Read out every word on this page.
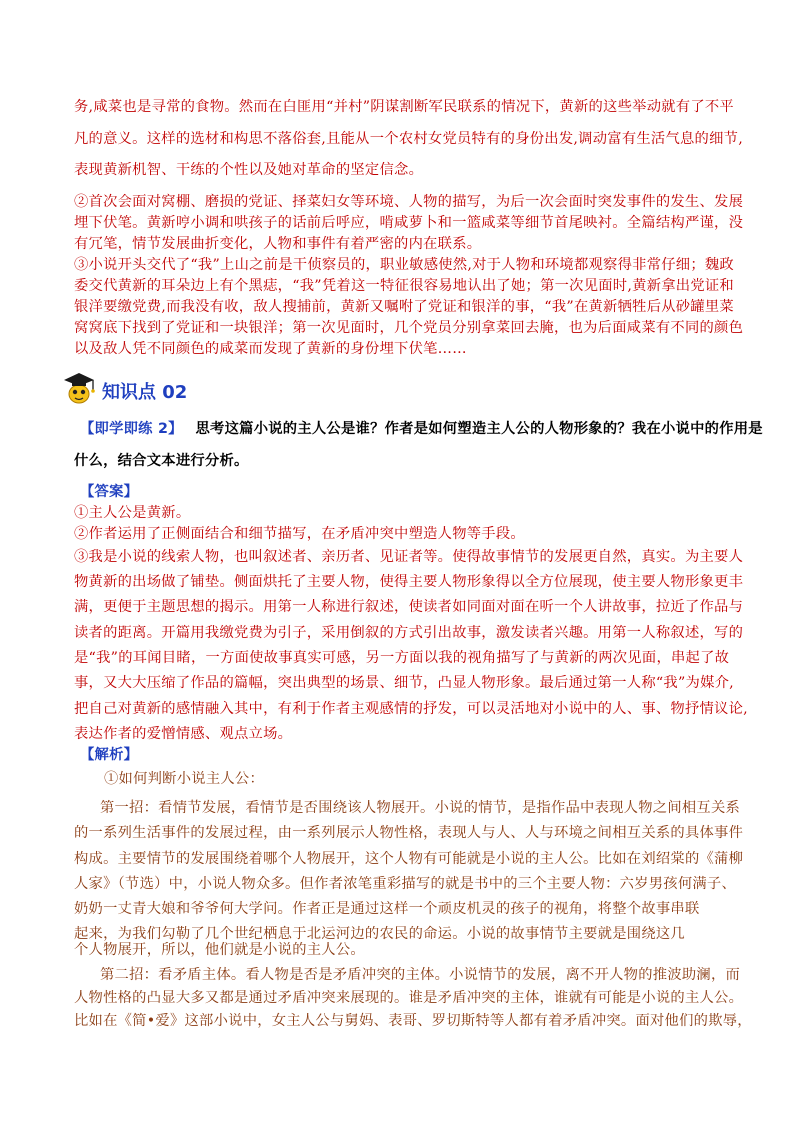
务,咸菜也是寻常的食物。然而在白匪用“并村”阴谋割断军民联系的情况下，黄新的这些举动就有了不平
凡的意义。这样的选材和构思不落俗套,且能从一个农村女党员特有的身份出发,调动富有生活气息的细节,
表现黄新机智、干练的个性以及她对革命的坚定信念。
②首次会面对窝棚、磨损的党证、择菜妇女等环境、人物的描写，为后一次会面时突发事件的发生、发展
埋下伏笔。黄新哼小调和哄孩子的话前后呼应，啃咸萝卜和一篮咸菜等细节首尾映衬。全篇结构严谨，没
有冗笔，情节发展曲折变化，人物和事件有着严密的内在联系。
③小说开头交代了“我”上山之前是干侦察员的，职业敏感使然,对于人物和环境都观察得非常仔细；魏政
委交代黄新的耳朵边上有个黑痣，“我”凭着这一特征很容易地认出了她；第一次见面时,黄新拿出党证和
银洋要缴党费,而我没有收，敌人搜捕前，黄新又嘱咐了党证和银洋的事，“我”在黄新牺牲后从砂罐里菜
窝窝底下找到了党证和一块银洋；第一次见面时，几个党员分别拿菜回去腌，也为后面咸菜有不同的颜色
以及敌人凭不同颜色的咸菜而发现了黄新的身份埋下伏笔……
知识点 02
【即学即练 2】 思考这篇小说的主人公是谁？作者是如何塑造主人公的人物形象的？我在小说中的作用是
什么，结合文本进行分析。
【答案】
①主人公是黄新。
②作者运用了正侧面结合和细节描写，在矛盾冲突中塑造人物等手段。
③我是小说的线索人物，也叫叙述者、亲历者、见证者等。使得故事情节的发展更自然，真实。为主要人
物黄新的出场做了铺垫。侧面烘托了主要人物，使得主要人物形象得以全方位展现，使主要人物形象更丰
满，更便于主题思想的揭示。用第一人称进行叙述，使读者如同面对面在听一个人讲故事，拉近了作品与
读者的距离。开篇用我缴党费为引子，采用倒叙的方式引出故事，激发读者兴趣。用第一人称叙述，写的
是“我”的耳闻目睹，一方面使故事真实可感，另一方面以我的视角描写了与黄新的两次见面，串起了故
事，又大大压缩了作品的篇幅，突出典型的场景、细节，凸显人物形象。最后通过第一人称“我”为媒介,
把自己对黄新的感情融入其中，有利于作者主观感情的抒发，可以灵活地对小说中的人、事、物抒情议论,
表达作者的爱憎情感、观点立场。
【解析】
①如何判断小说主人公：
第一招：看情节发展，看情节是否围绕该人物展开。小说的情节，是指作品中表现人物之间相互关系
的一系列生活事件的发展过程，由一系列展示人物性格，表现人与人、人与环境之间相互关系的具体事件
构成。主要情节的发展围绕着哪个人物展开，这个人物有可能就是小说的主人公。比如在刘绍棠的《蒲柳
人家》（节选）中，小说人物众多。但作者浓笔重彩描写的就是书中的三个主要人物：六岁男孩何满子、
奶奶一丈青大娘和爷爷何大学问。作者正是通过这样一个顽皮机灵的孩子的视角，将整个故事串联
起来，为我们勾勒了几个世纪栖息于北运河边的农民的命运。小说的故事情节主要就是围绕这几
个人物展开，所以，他们就是小说的主人公。
第二招：看矛盾主体。看人物是否是矛盾冲突的主体。小说情节的发展，离不开人物的推波助澜，而
人物性格的凸显大多又都是通过矛盾冲突来展现的。谁是矛盾冲突的主体，谁就有可能是小说的主人公。
比如在《简•爱》这部小说中，女主人公与舅妈、表哥、罗切斯特等人都有着矛盾冲突。面对他们的欺辱，
